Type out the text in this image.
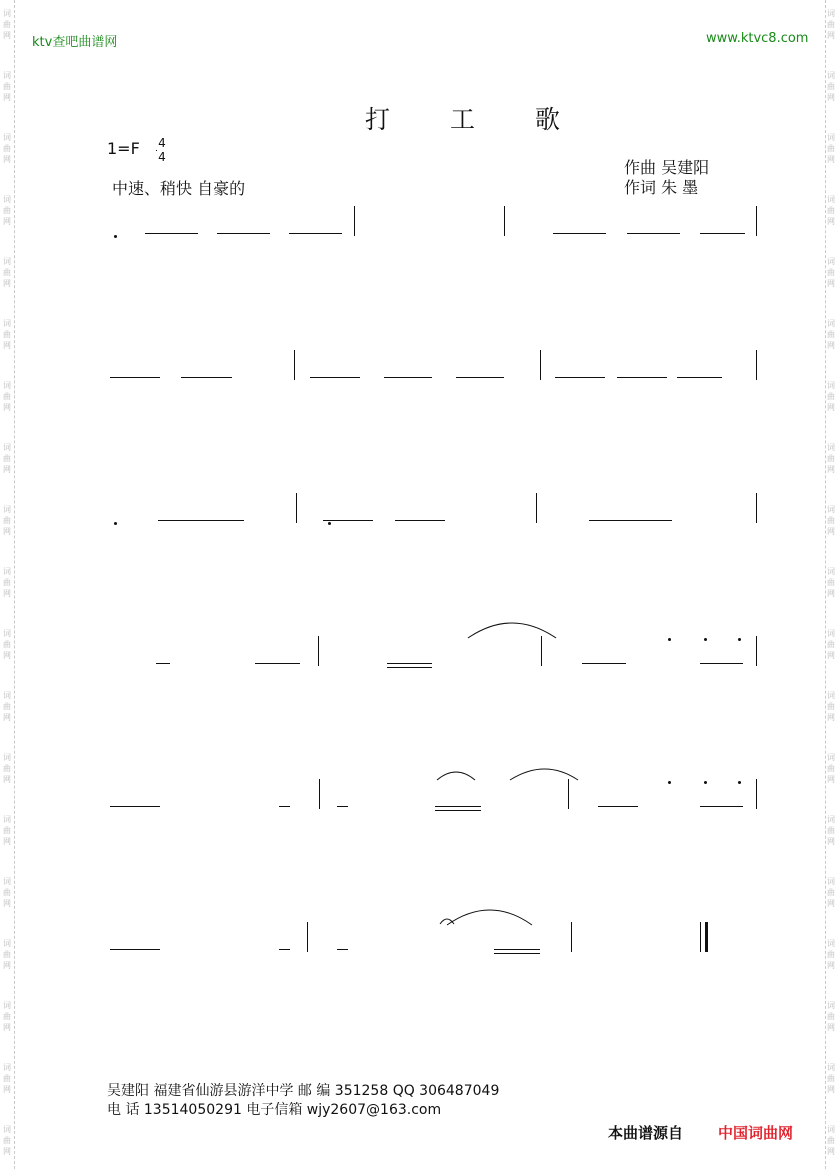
词曲网
词曲网
词曲网
词曲网
词曲网
词曲网
词曲网
词曲网
词曲网
词曲网
词曲网
词曲网
词曲网
词曲网
词曲网
词曲网
词曲网
词曲网
词曲网
词曲网
词曲网
词曲网
词曲网
词曲网
词曲网
词曲网
词曲网
词曲网
词曲网
词曲网
词曲网
词曲网
词曲网
词曲网
词曲网
词曲网
词曲网
词曲网
ktv查吧曲谱网	www.ktvc8.com
打 工 歌
1=F 4
4
中速、稍快 自豪的
作曲 吴建阳
作词 朱 墨
吴建阳 福建省仙游县游洋中学 邮 编 351258 QQ 306487049
电 话 13514050291 电子信箱 wjy2607@163.com
本曲谱源自 中国词曲网
